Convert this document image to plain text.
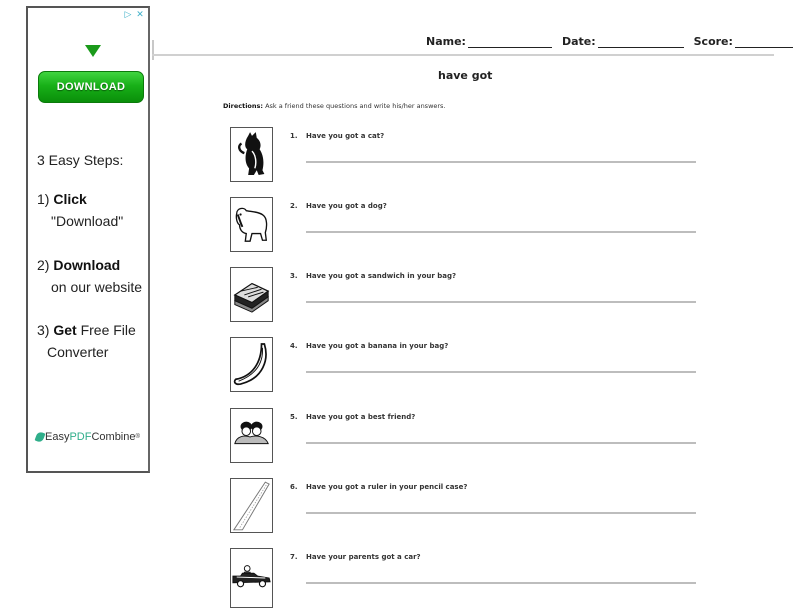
▷ ✕
DOWNLOAD
3 Easy Steps:
1) Click
"Download"
2) Download
on our website
3) Get Free File
Converter
Easy PDF Combine ®
Name:	Date:	Score:
have got
Directions: Ask a friend these questions and write his/her answers.
1. Have you got a cat?
2. Have you got a dog?
3. Have you got a sandwich in your bag?
4. Have you got a banana in your bag?
5. Have you got a best friend?
6. Have you got a ruler in your pencil case?
7. Have your parents got a car?
